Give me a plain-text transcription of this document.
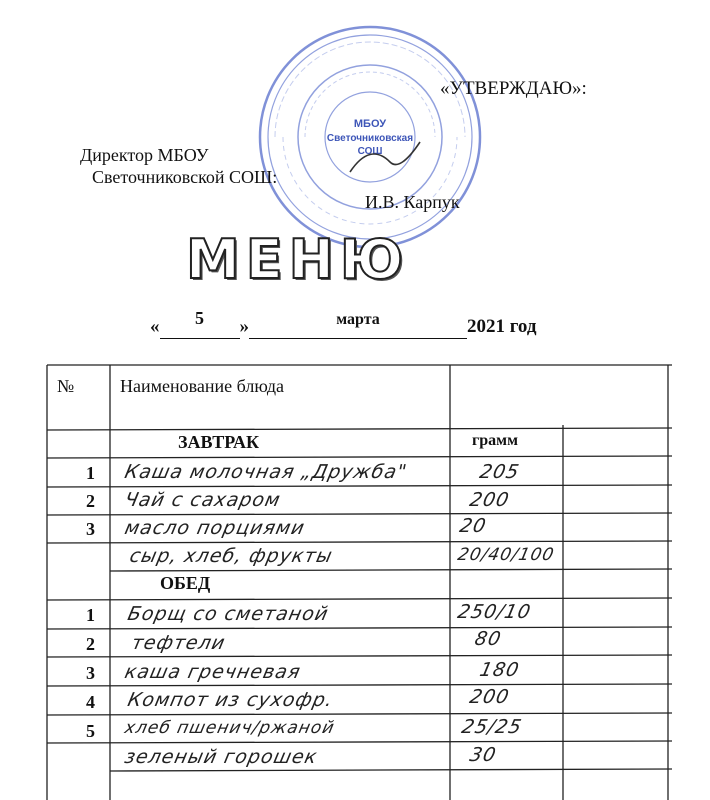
МБОУ
Светочниковская
СОШ
«УТВЕРЖДАЮ»:
Директор МБОУ
Светочниковской СОШ:
И.В. Карпук
МЕНЮ
« 5 »	$^{марта}$	2021 год
№	Наименование блюда
ЗАВТРАК	грамм
1 Каша молочная „Дружба"	205
2 Чай с сахаром	200
3 масло порциями	20
сыр, хлеб, фрукты	20/40/100
ОБЕД
1 Борщ со сметаной	250/10
2 тефтели	80
3 каша гречневая	180
4 Компот из сухофр.	200
5 хлеб пшенич/ржаной	25/25
зеленый горошек	30
